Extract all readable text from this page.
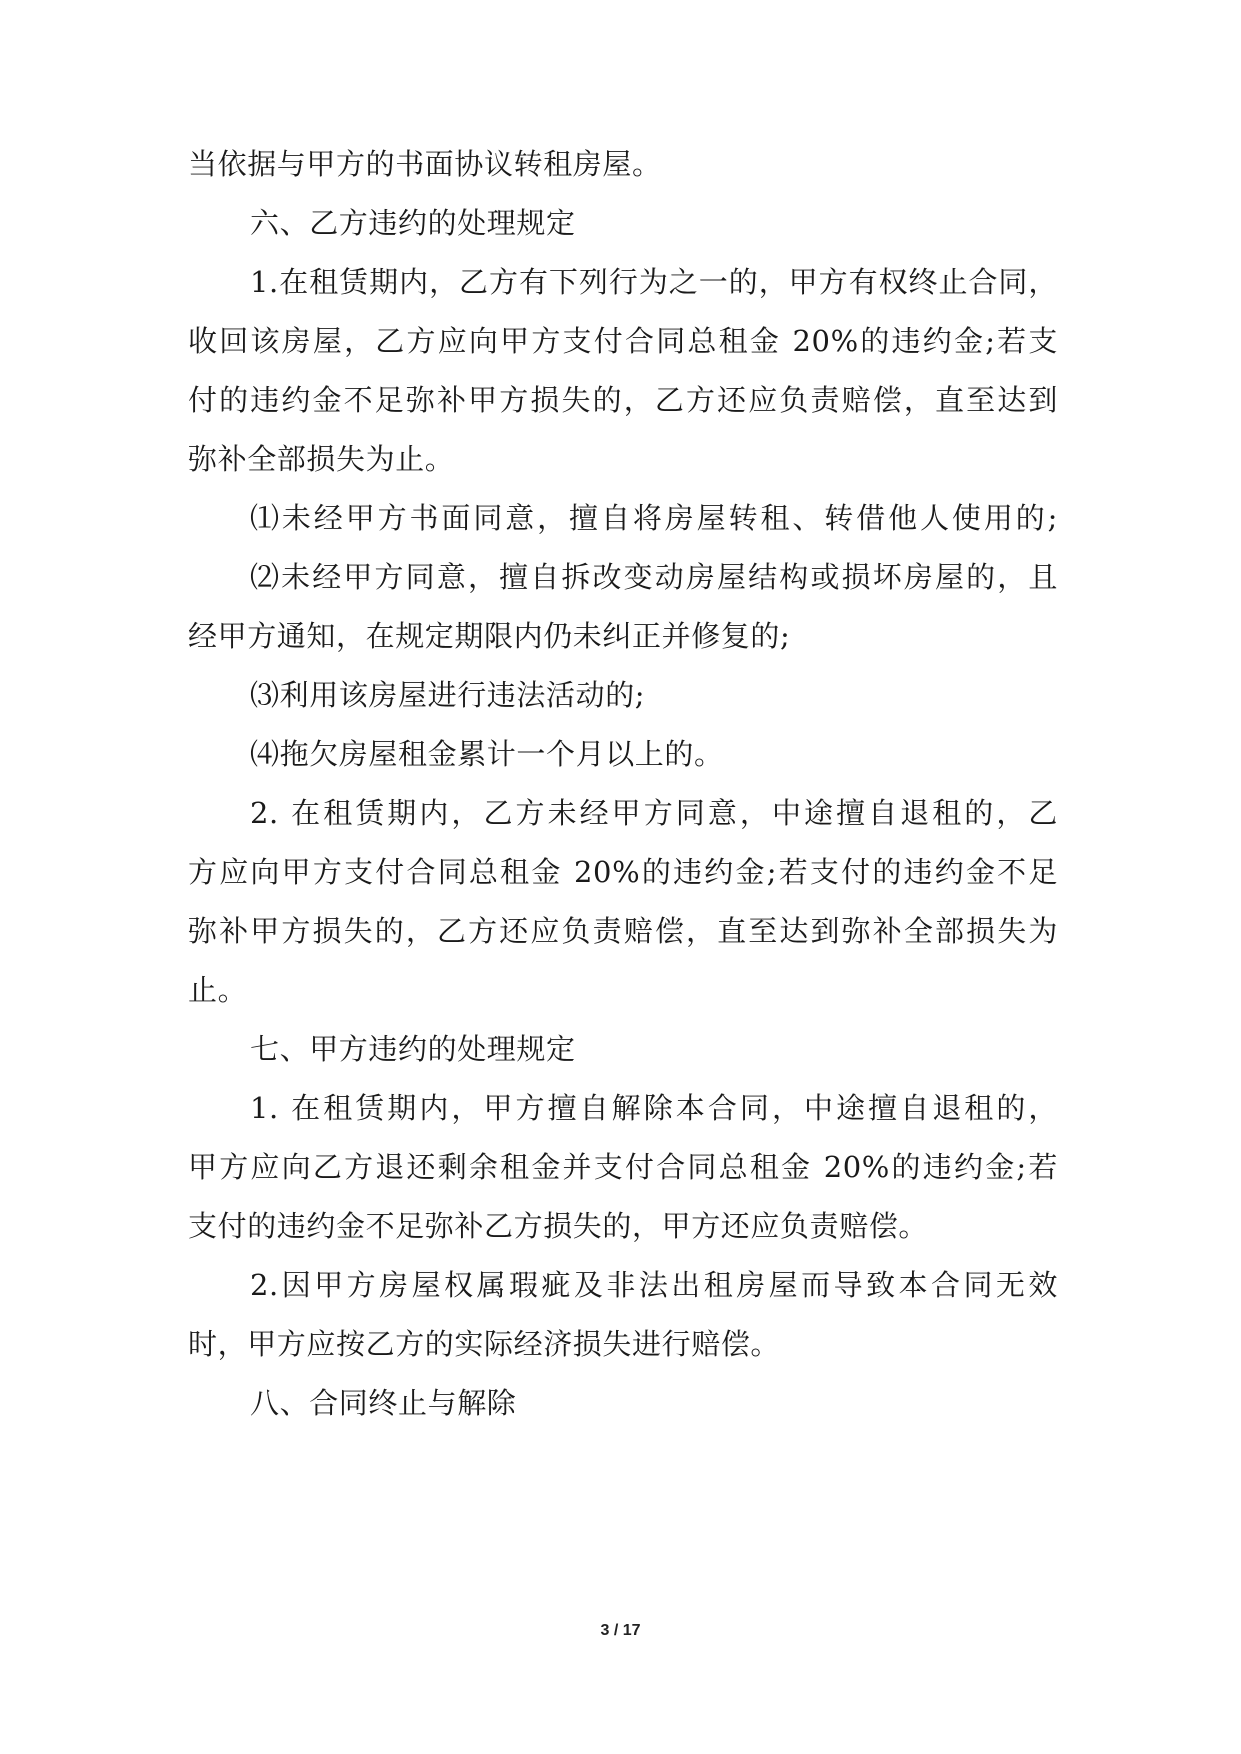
当依据与甲方的书面协议转租房屋。
六、乙方违约的处理规定
1.在租赁期内，乙方有下列行为之一的，甲方有权终止合同，
收回该房屋，乙方应向甲方支付合同总租金 20%的违约金;若支
付的违约金不足弥补甲方损失的，乙方还应负责赔偿，直至达到
弥补全部损失为止。
⑴未经甲方书面同意，擅自将房屋转租、转借他人使用的;
⑵未经甲方同意，擅自拆改变动房屋结构或损坏房屋的，且
经甲方通知，在规定期限内仍未纠正并修复的;
⑶利用该房屋进行违法活动的;
⑷拖欠房屋租金累计一个月以上的。
2. 在租赁期内，乙方未经甲方同意，中途擅自退租的，乙
方应向甲方支付合同总租金 20%的违约金;若支付的违约金不足
弥补甲方损失的，乙方还应负责赔偿，直至达到弥补全部损失为
止。
七、甲方违约的处理规定
1. 在租赁期内，甲方擅自解除本合同，中途擅自退租的，
甲方应向乙方退还剩余租金并支付合同总租金 20%的违约金;若
支付的违约金不足弥补乙方损失的，甲方还应负责赔偿。
2.因甲方房屋权属瑕疵及非法出租房屋而导致本合同无效
时，甲方应按乙方的实际经济损失进行赔偿。
八、合同终止与解除
3 / 17
